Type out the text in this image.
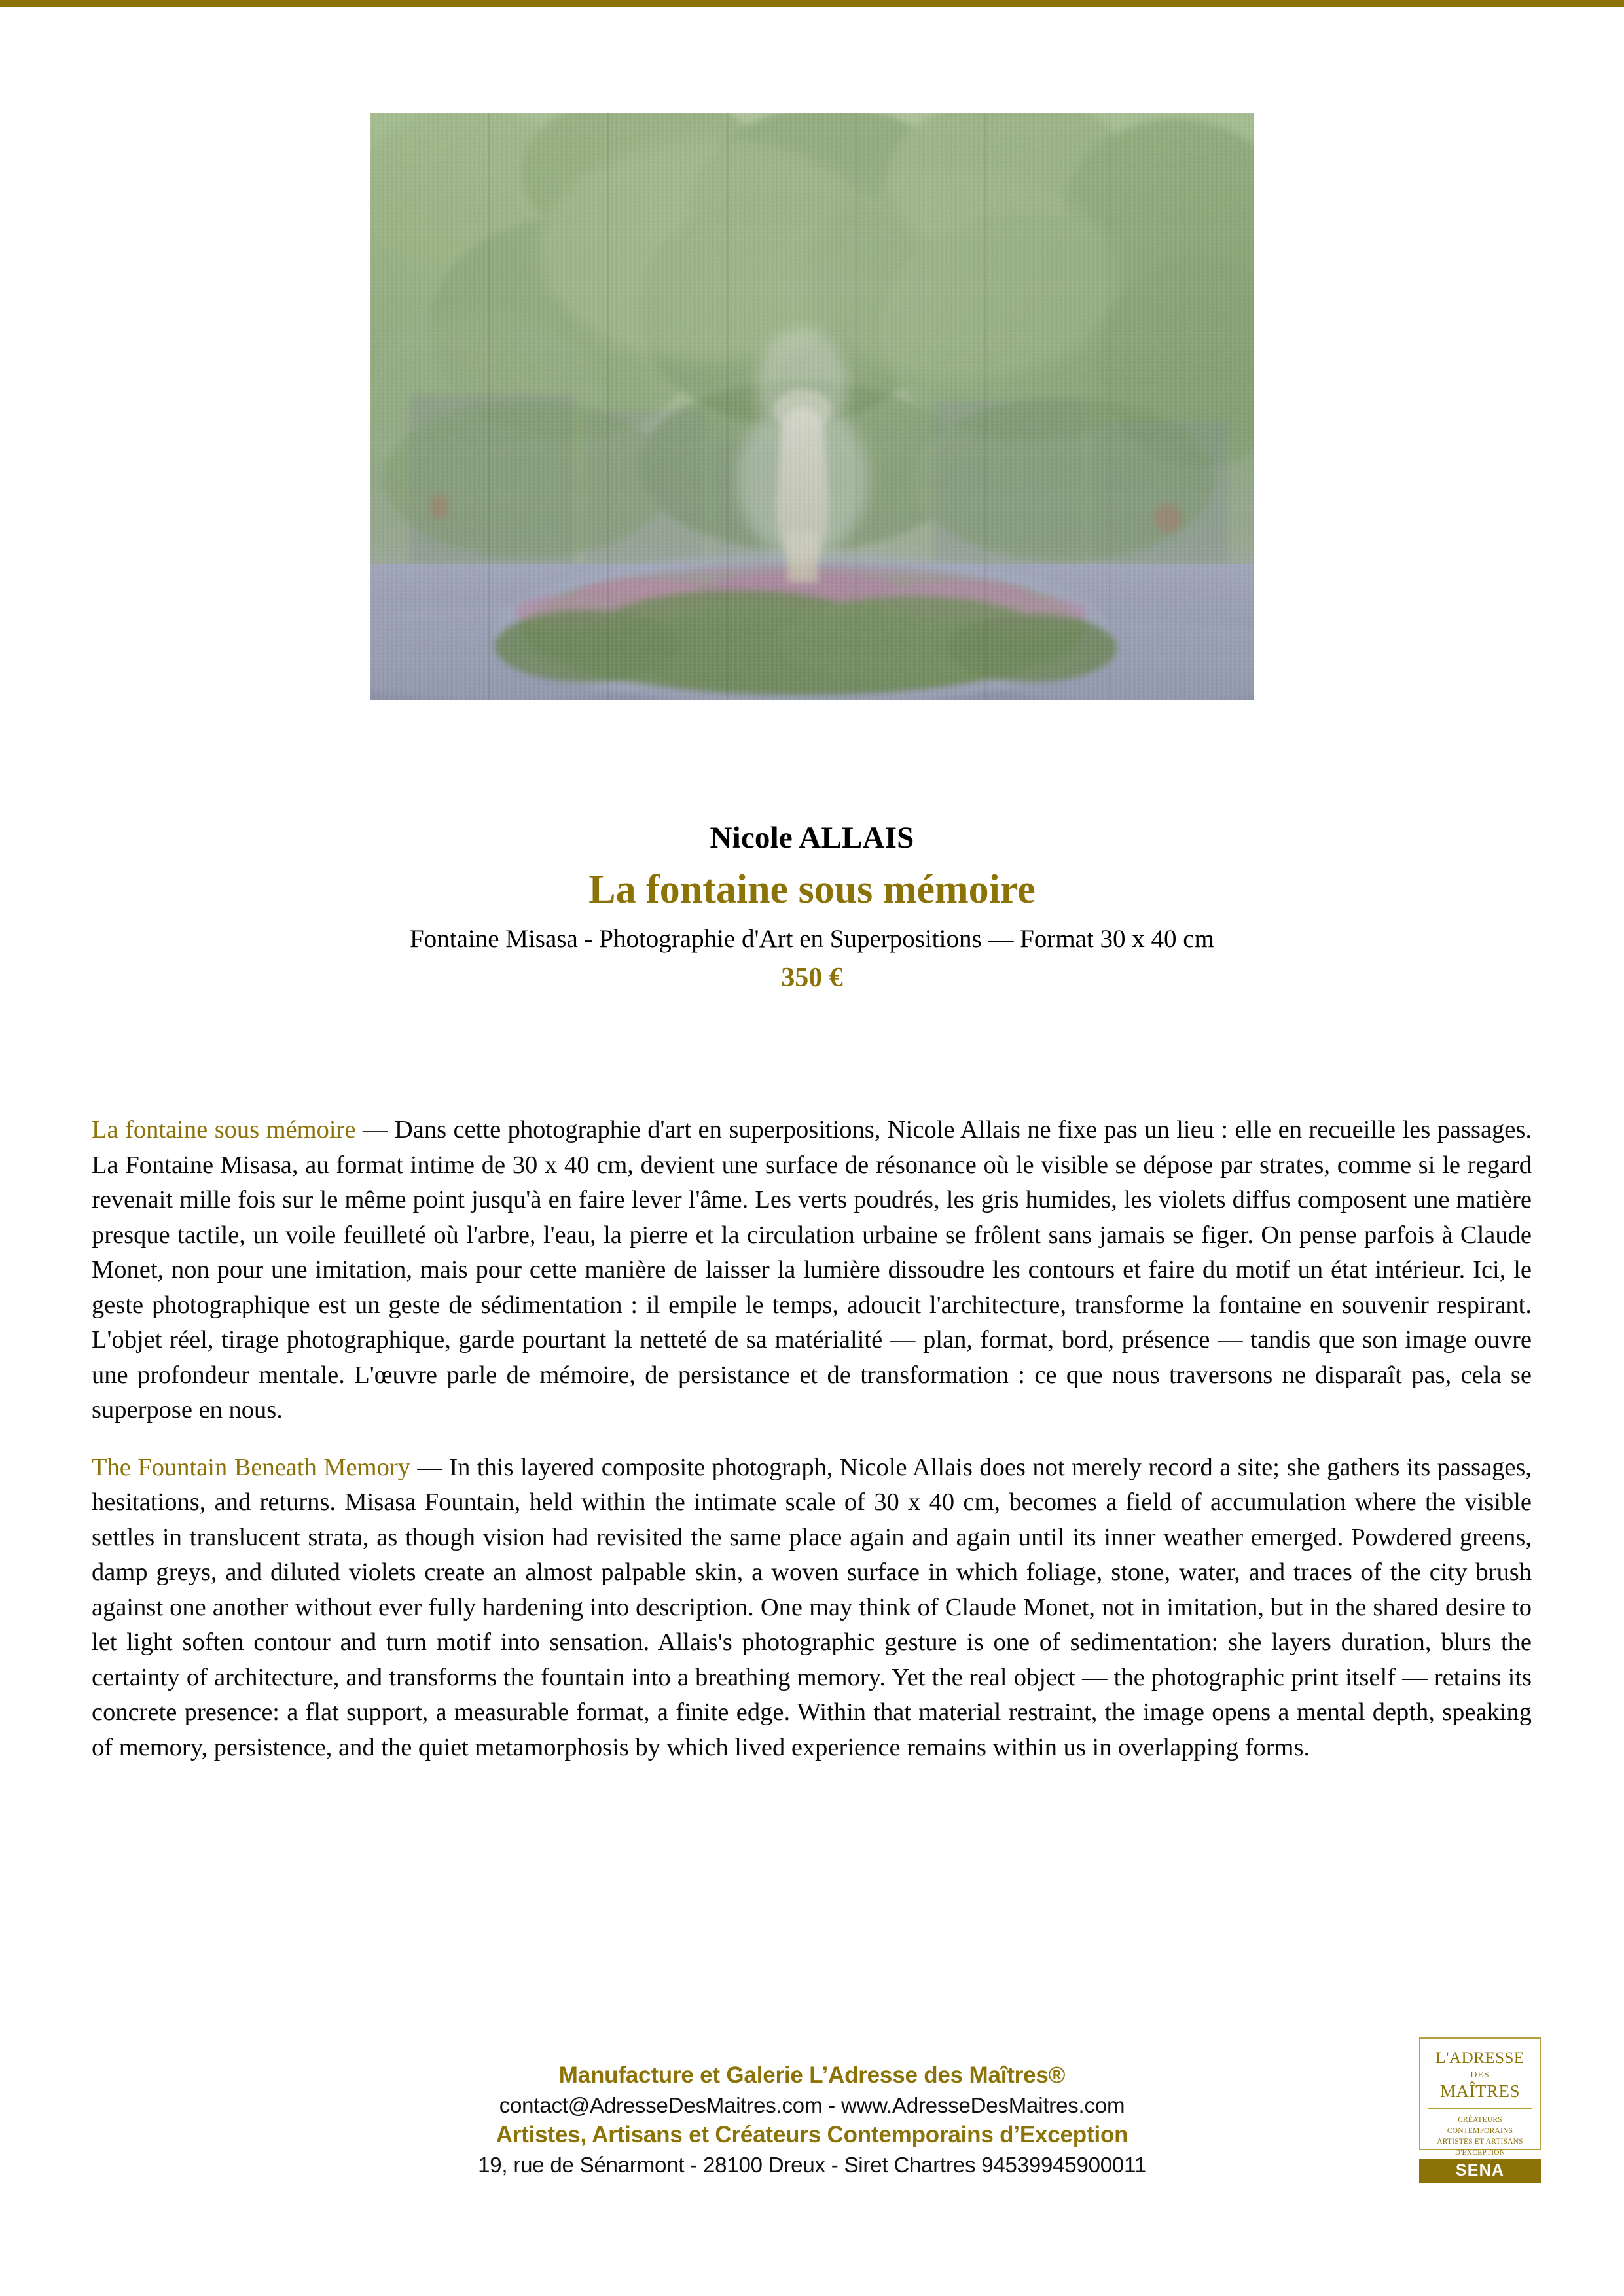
Nicole ALLAIS
La fontaine sous mémoire
Fontaine Misasa - Photographie d'Art en Superpositions — Format 30 x 40 cm
350 €

La fontaine sous mémoire — Dans cette photographie d'art en superpositions, Nicole Allais ne fixe pas un lieu : elle en recueille les passages. La Fontaine Misasa, au format intime de 30 x 40 cm, devient une surface de résonance où le visible se dépose par strates, comme si le regard revenait mille fois sur le même point jusqu'à en faire lever l'âme. Les verts poudrés, les gris humides, les violets diffus composent une matière presque tactile, un voile feuilleté où l'arbre, l'eau, la pierre et la circulation urbaine se frôlent sans jamais se figer. On pense parfois à Claude Monet, non pour une imitation, mais pour cette manière de laisser la lumière dissoudre les contours et faire du motif un état intérieur. Ici, le geste photographique est un geste de sédimentation : il empile le temps, adoucit l'architecture, transforme la fontaine en souvenir respirant. L'objet réel, tirage photographique, garde pourtant la netteté de sa matérialité — plan, format, bord, présence — tandis que son image ouvre une profondeur mentale. L'œuvre parle de mémoire, de persistance et de transformation : ce que nous traversons ne disparaît pas, cela se superpose en nous.

The Fountain Beneath Memory — In this layered composite photograph, Nicole Allais does not merely record a site; she gathers its passages, hesitations, and returns. Misasa Fountain, held within the intimate scale of 30 x 40 cm, becomes a field of accumulation where the visible settles in translucent strata, as though vision had revisited the same place again and again until its inner weather emerged. Powdered greens, damp greys, and diluted violets create an almost palpable skin, a woven surface in which foliage, stone, water, and traces of the city brush against one another without ever fully hardening into description. One may think of Claude Monet, not in imitation, but in the shared desire to let light soften contour and turn motif into sensation. Allais's photographic gesture is one of sedimentation: she layers duration, blurs the certainty of architecture, and transforms the fountain into a breathing memory. Yet the real object — the photographic print itself — retains its concrete presence: a flat support, a measurable format, a finite edge. Within that material restraint, the image opens a mental depth, speaking of memory, persistence, and the quiet metamorphosis by which lived experience remains within us in overlapping forms.

Manufacture et Galerie L’Adresse des Maîtres®
contact@AdresseDesMaitres.com - www.AdresseDesMaitres.com
Artistes, Artisans et Créateurs Contemporains d’Exception
19, rue de Sénarmont - 28100 Dreux - Siret Chartres 94539945900011
L'ADRESSE
DES
MAÎTRES
CRÉATEURS CONTEMPORAINS
ARTISTES ET ARTISANS
D'EXCEPTION
SENA
